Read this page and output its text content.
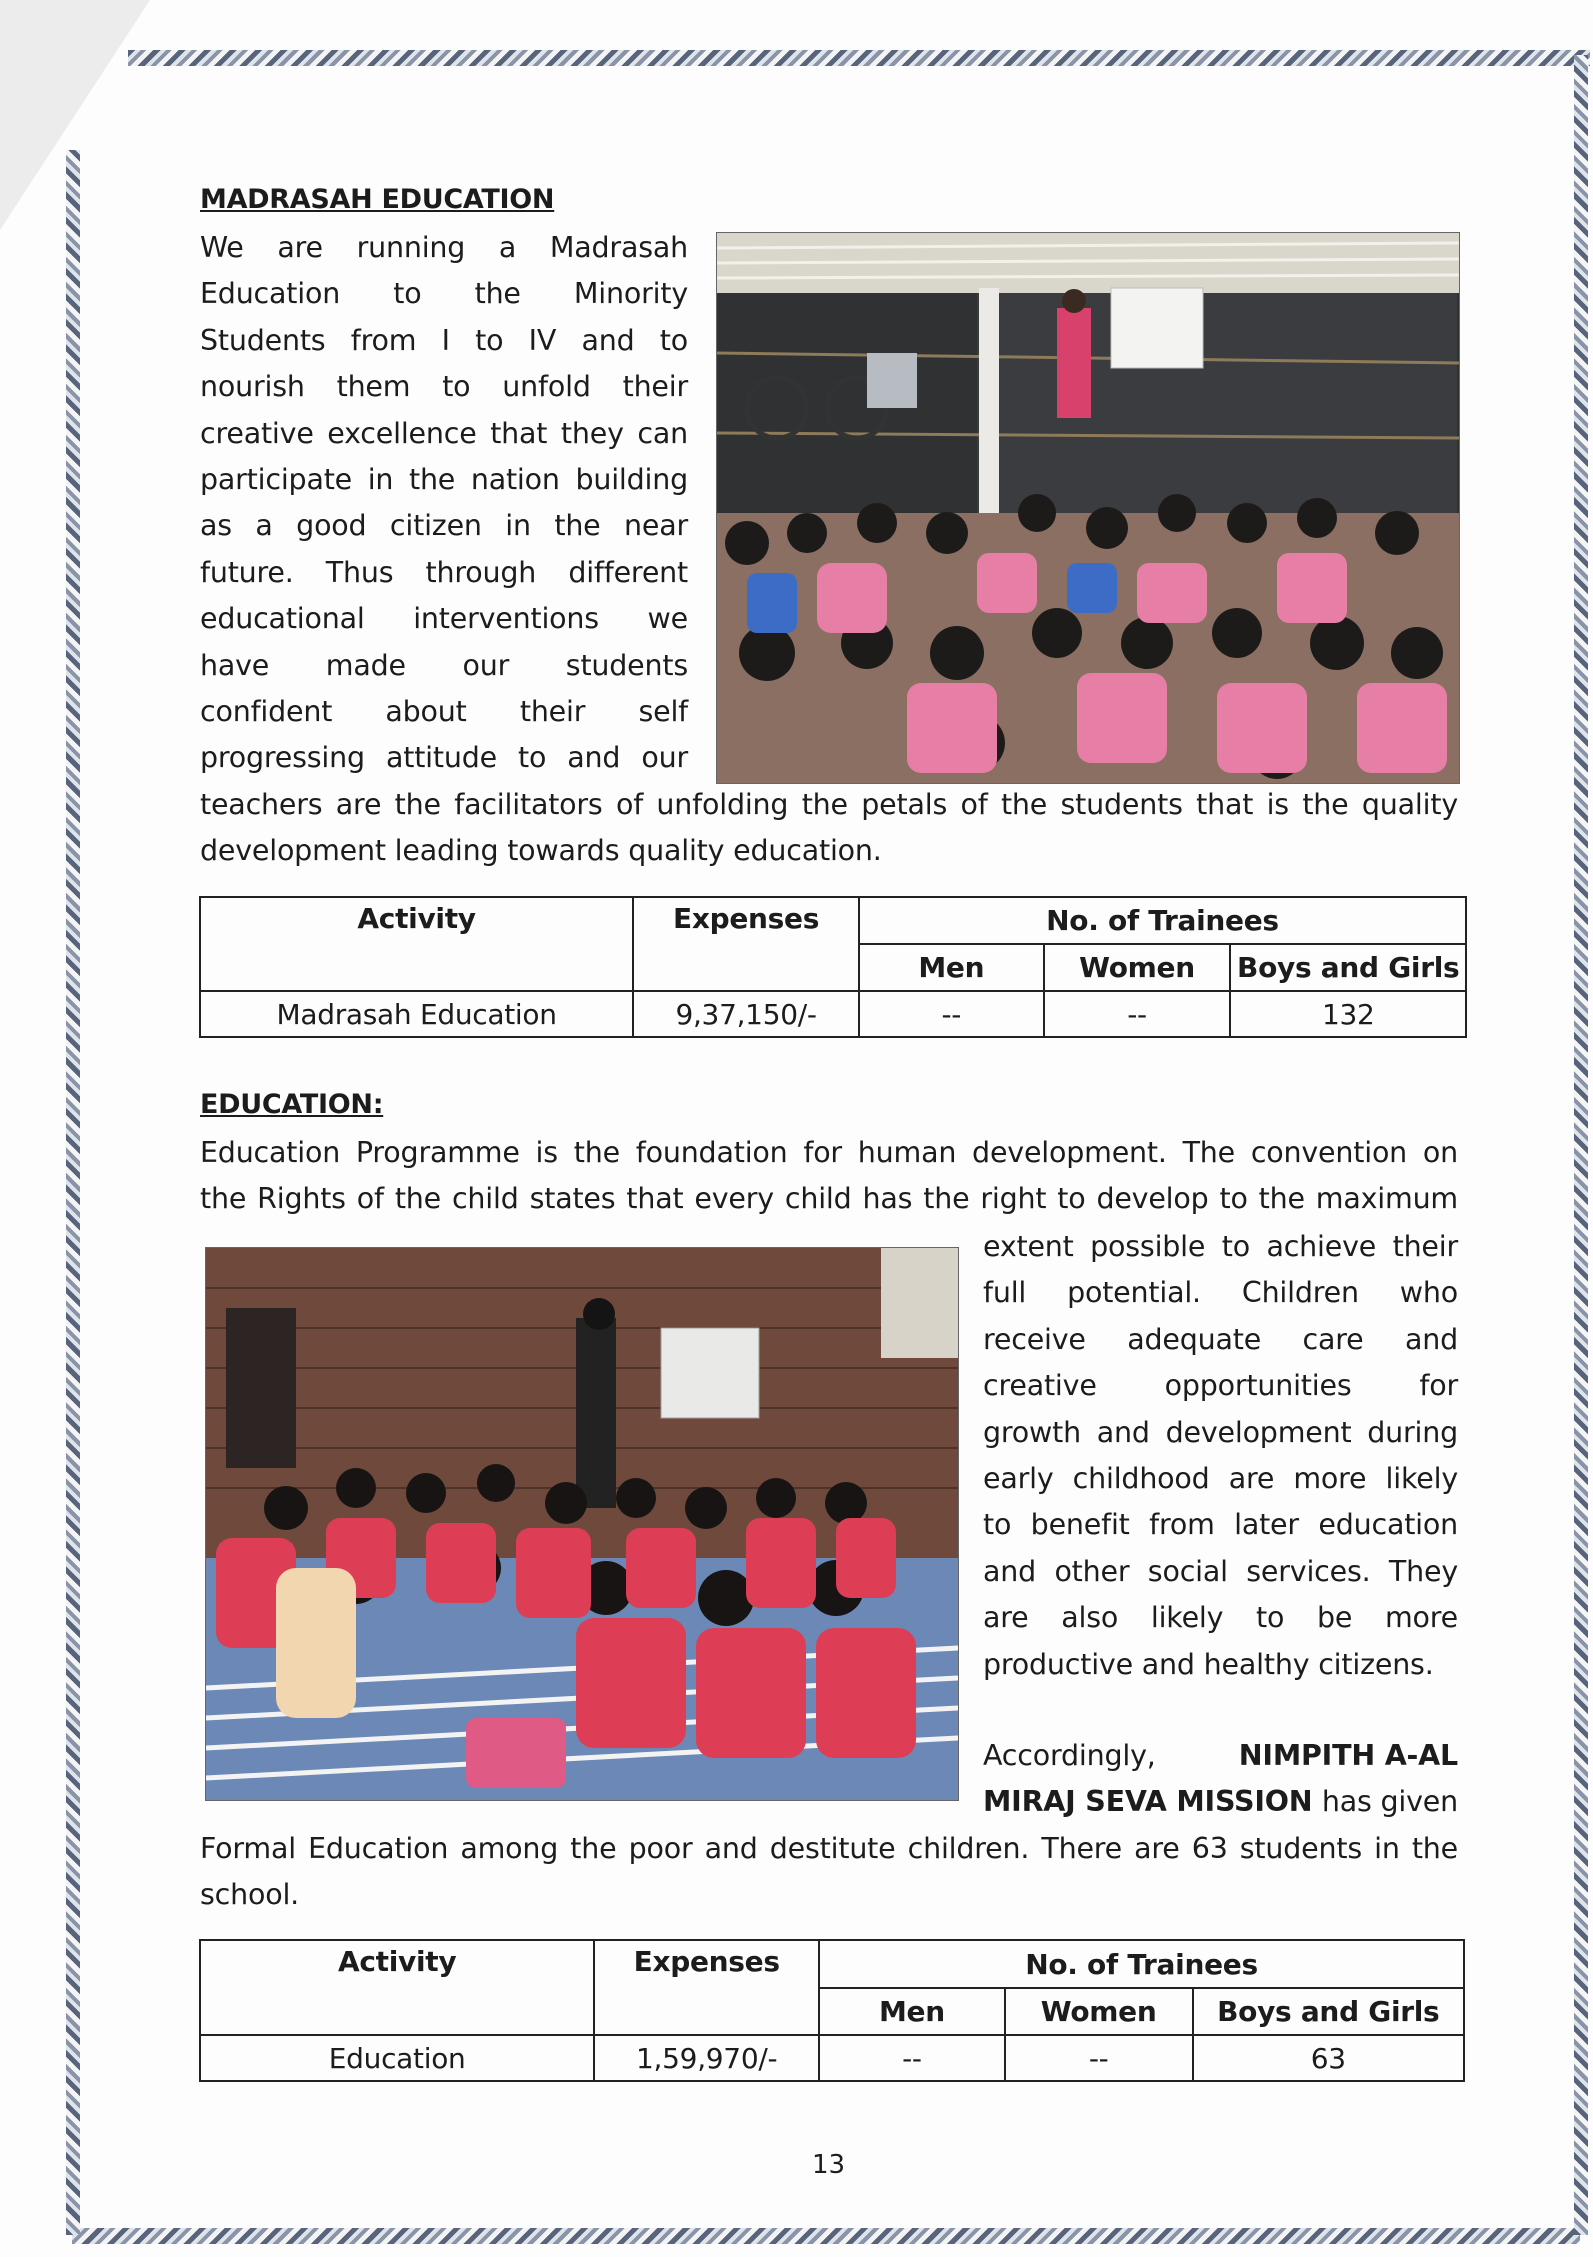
MADRASAH EDUCATION
We are running a Madrasah
Education to the Minority
Students from I to IV and to
nourish them to unfold their
creative excellence that they can
participate in the nation building
as a good citizen in the near
future. Thus through different
educational interventions we
have made our students
confident about their self
progressing attitude to and our
teachers are the facilitators of unfolding the petals of the students that is the quality
development leading towards quality education.
Activity	Expenses	No. of Trainees		
		Men	Women	Boys and Girls
Madrasah Education	9,37,150/-	--	--	132
EDUCATION:
Education Programme is the foundation for human development. The convention on
the Rights of the child states that every child has the right to develop to the maximum
extent possible to achieve their
full potential. Children who
receive adequate care and
creative opportunities for
growth and development during
early childhood are more likely
to benefit from later education
and other social services. They
are also likely to be more
productive and healthy citizens.
Accordingly,	NIMPITH A-AL
MIRAJ SEVA MISSION has given
Formal Education among the poor and destitute children. There are 63 students in the
school.
Activity	Expenses	No. of Trainees		
		Men	Women	Boys and Girls
Education	1,59,970/-	--	--	63
13
